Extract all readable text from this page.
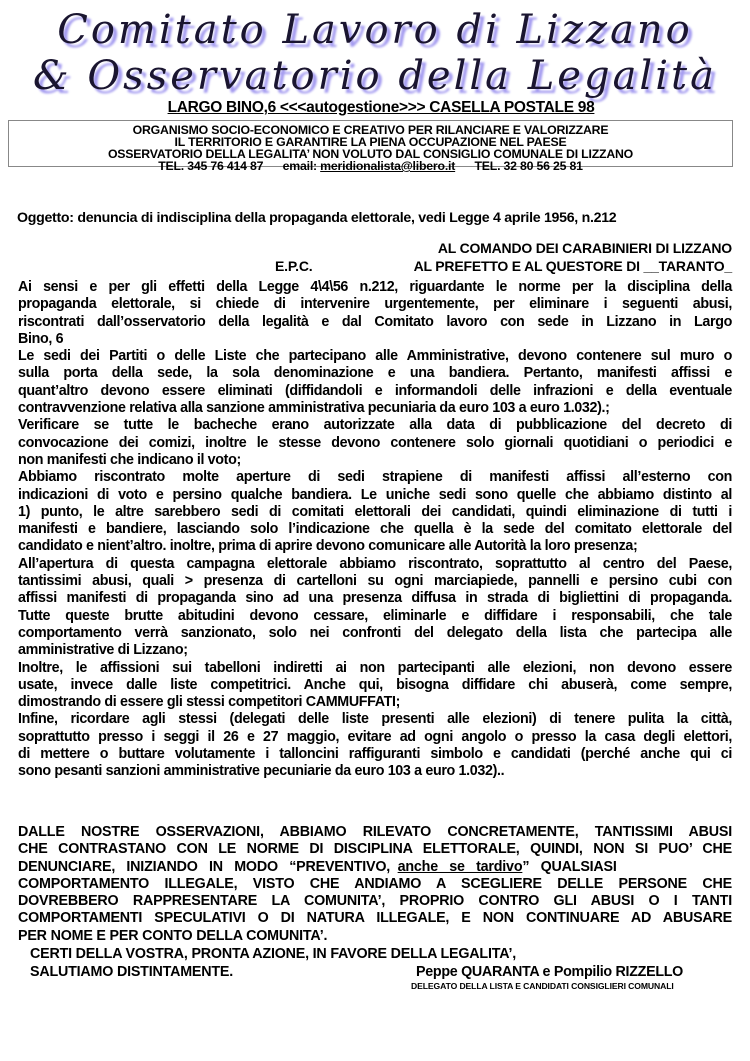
Comitato Lavoro di Lizzano
& Osservatorio della Legalità
LARGO BINO,6 <<<autogestione>>> CASELLA POSTALE 98
ORGANISMO SOCIO-ECONOMICO E CREATIVO PER RILANCIARE E VALORIZZARE
IL TERRITORIO E GARANTIRE LA PIENA OCCUPAZIONE NEL PAESE
OSSERVATORIO DELLA LEGALITA’ NON VOLUTO DAL CONSIGLIO COMUNALE DI LIZZANO
TEL. 345 76 414 87 email: meridionalista@libero.it TEL. 32 80 56 25 81
Oggetto: denuncia di indisciplina della propaganda elettorale, vedi Legge 4 aprile 1956, n.212
AL COMANDO DEI CARABINIERI DI LIZZANO
E.P.C.	AL PREFETTO E AL QUESTORE DI __TARANTO_
Ai sensi e per gli effetti della Legge 4\4\56 n.212, riguardante le norme per la disciplina della
propaganda elettorale, si chiede di intervenire urgentemente, per eliminare i seguenti abusi,
riscontrati dall’osservatorio della legalità e dal Comitato lavoro con sede in Lizzano in Largo
Bino, 6
Le sedi dei Partiti o delle Liste che partecipano alle Amministrative, devono contenere sul muro o
sulla porta della sede, la sola denominazione e una bandiera. Pertanto, manifesti affissi e
quant’altro devono essere eliminati (diffidandoli e informandoli delle infrazioni e della eventuale
contravvenzione relativa alla sanzione amministrativa pecuniaria da euro 103 a euro 1.032).;
Verificare se tutte le bacheche erano autorizzate alla data di pubblicazione del decreto di
convocazione dei comizi, inoltre le stesse devono contenere solo giornali quotidiani o periodici e
non manifesti che indicano il voto;
Abbiamo riscontrato molte aperture di sedi strapiene di manifesti affissi all’esterno con
indicazioni di voto e persino qualche bandiera. Le uniche sedi sono quelle che abbiamo distinto al
1) punto, le altre sarebbero sedi di comitati elettorali dei candidati, quindi eliminazione di tutti i
manifesti e bandiere, lasciando solo l’indicazione che quella è la sede del comitato elettorale del
candidato e nient’altro. inoltre, prima di aprire devono comunicare alle Autorità la loro presenza;
All’apertura di questa campagna elettorale abbiamo riscontrato, soprattutto al centro del Paese,
tantissimi abusi, quali > presenza di cartelloni su ogni marciapiede, pannelli e persino cubi con
affissi manifesti di propaganda sino ad una presenza diffusa in strada di bigliettini di propaganda.
Tutte queste brutte abitudini devono cessare, eliminarle e diffidare i responsabili, che tale
comportamento verrà sanzionato, solo nei confronti del delegato della lista che partecipa alle
amministrative di Lizzano;
Inoltre, le affissioni sui tabelloni indiretti ai non partecipanti alle elezioni, non devono essere
usate, invece dalle liste competitrici. Anche qui, bisogna diffidare chi abuserà, come sempre,
dimostrando di essere gli stessi competitori CAMMUFFATI;
Infine, ricordare agli stessi (delegati delle liste presenti alle elezioni) di tenere pulita la città,
soprattutto presso i seggi il 26 e 27 maggio, evitare ad ogni angolo o presso la casa degli elettori,
di mettere o buttare volutamente i talloncini raffiguranti simbolo e candidati (perché anche qui ci
sono pesanti sanzioni amministrative pecuniarie da euro 103 a euro 1.032)..
DALLE NOSTRE OSSERVAZIONI, ABBIAMO RILEVATO CONCRETAMENTE, TANTISSIMI ABUSI
CHE CONTRASTANO CON LE NORME DI DISCIPLINA ELETTORALE, QUINDI, NON SI PUO’ CHE
DENUNCIARE,   INIZIANDO   IN   MODO   “PREVENTIVO, anche   se   tardivo ”   QUALSIASI
COMPORTAMENTO ILLEGALE, VISTO CHE ANDIAMO A SCEGLIERE DELLE PERSONE CHE
DOVREBBERO RAPPRESENTARE LA COMUNITA’, PROPRIO CONTRO GLI ABUSI O I TANTI
COMPORTAMENTI SPECULATIVI O DI NATURA ILLEGALE, E NON CONTINUARE AD ABUSARE
PER NOME E PER CONTO DELLA COMUNITA’.
CERTI DELLA VOSTRA, PRONTA AZIONE, IN FAVORE DELLA LEGALITA’,
SALUTIAMO DISTINTAMENTE.	Peppe QUARANTA e Pompilio RIZZELLO
DELEGATO DELLA LISTA E CANDIDATI CONSIGLIERI COMUNALI
